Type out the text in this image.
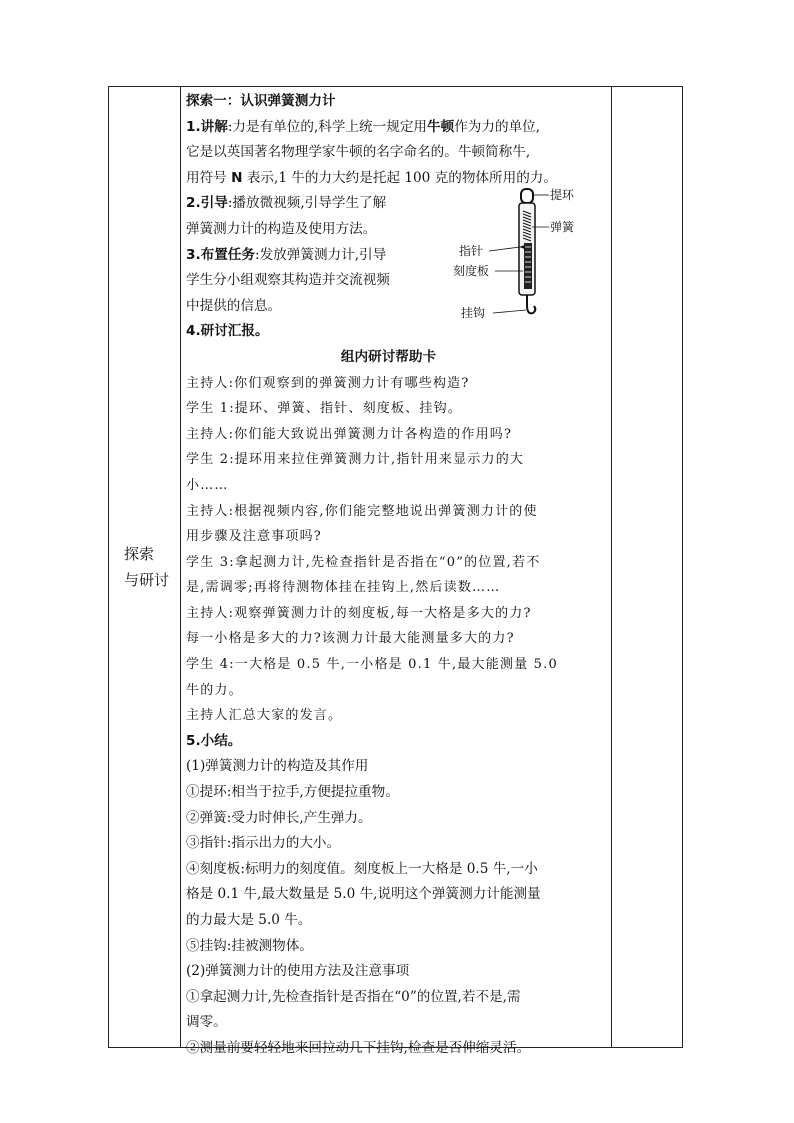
探索
与研讨
探索一：认识弹簧测力计
1.讲解:力是有单位的,科学上统一规定用牛顿作为力的单位,
它是以英国著名物理学家牛顿的名字命名的。牛顿简称牛,
用符号 N 表示,1 牛的力大约是托起 100 克的物体所用的力。
2.引导:播放微视频,引导学生了解
弹簧测力计的构造及使用方法。
3.布置任务:发放弹簧测力计,引导
学生分小组观察其构造并交流视频
中提供的信息。
4.研讨汇报。
组内研讨帮助卡
主持人:你们观察到的弹簧测力计有哪些构造?
学生 1:提环、弹簧、指针、刻度板、挂钩。
主持人:你们能大致说出弹簧测力计各构造的作用吗?
学生 2:提环用来拉住弹簧测力计,指针用来显示力的大
小……
主持人:根据视频内容,你们能完整地说出弹簧测力计的使
用步骤及注意事项吗?
学生 3:拿起测力计,先检查指针是否指在“0”的位置,若不
是,需调零;再将待测物体挂在挂钩上,然后读数……
主持人:观察弹簧测力计的刻度板,每一大格是多大的力?
每一小格是多大的力?该测力计最大能测量多大的力?
学生 4:一大格是 0.5 牛,一小格是 0.1 牛,最大能测量 5.0
牛的力。
主持人汇总大家的发言。
5.小结。
(1)弹簧测力计的构造及其作用
①提环:相当于拉手,方便提拉重物。
②弹簧:受力时伸长,产生弹力。
③指针:指示出力的大小。
④刻度板:标明力的刻度值。刻度板上一大格是 0.5 牛,一小
格是 0.1 牛,最大数量是 5.0 牛,说明这个弹簧测力计能测量
的力最大是 5.0 牛。
⑤挂钩:挂被测物体。
(2)弹簧测力计的使用方法及注意事项
①拿起测力计,先检查指针是否指在“0”的位置,若不是,需
调零。
②测量前要轻轻地来回拉动几下挂钩,检查是否伸缩灵活。
提环
弹簧
指针
刻度板
挂钩
